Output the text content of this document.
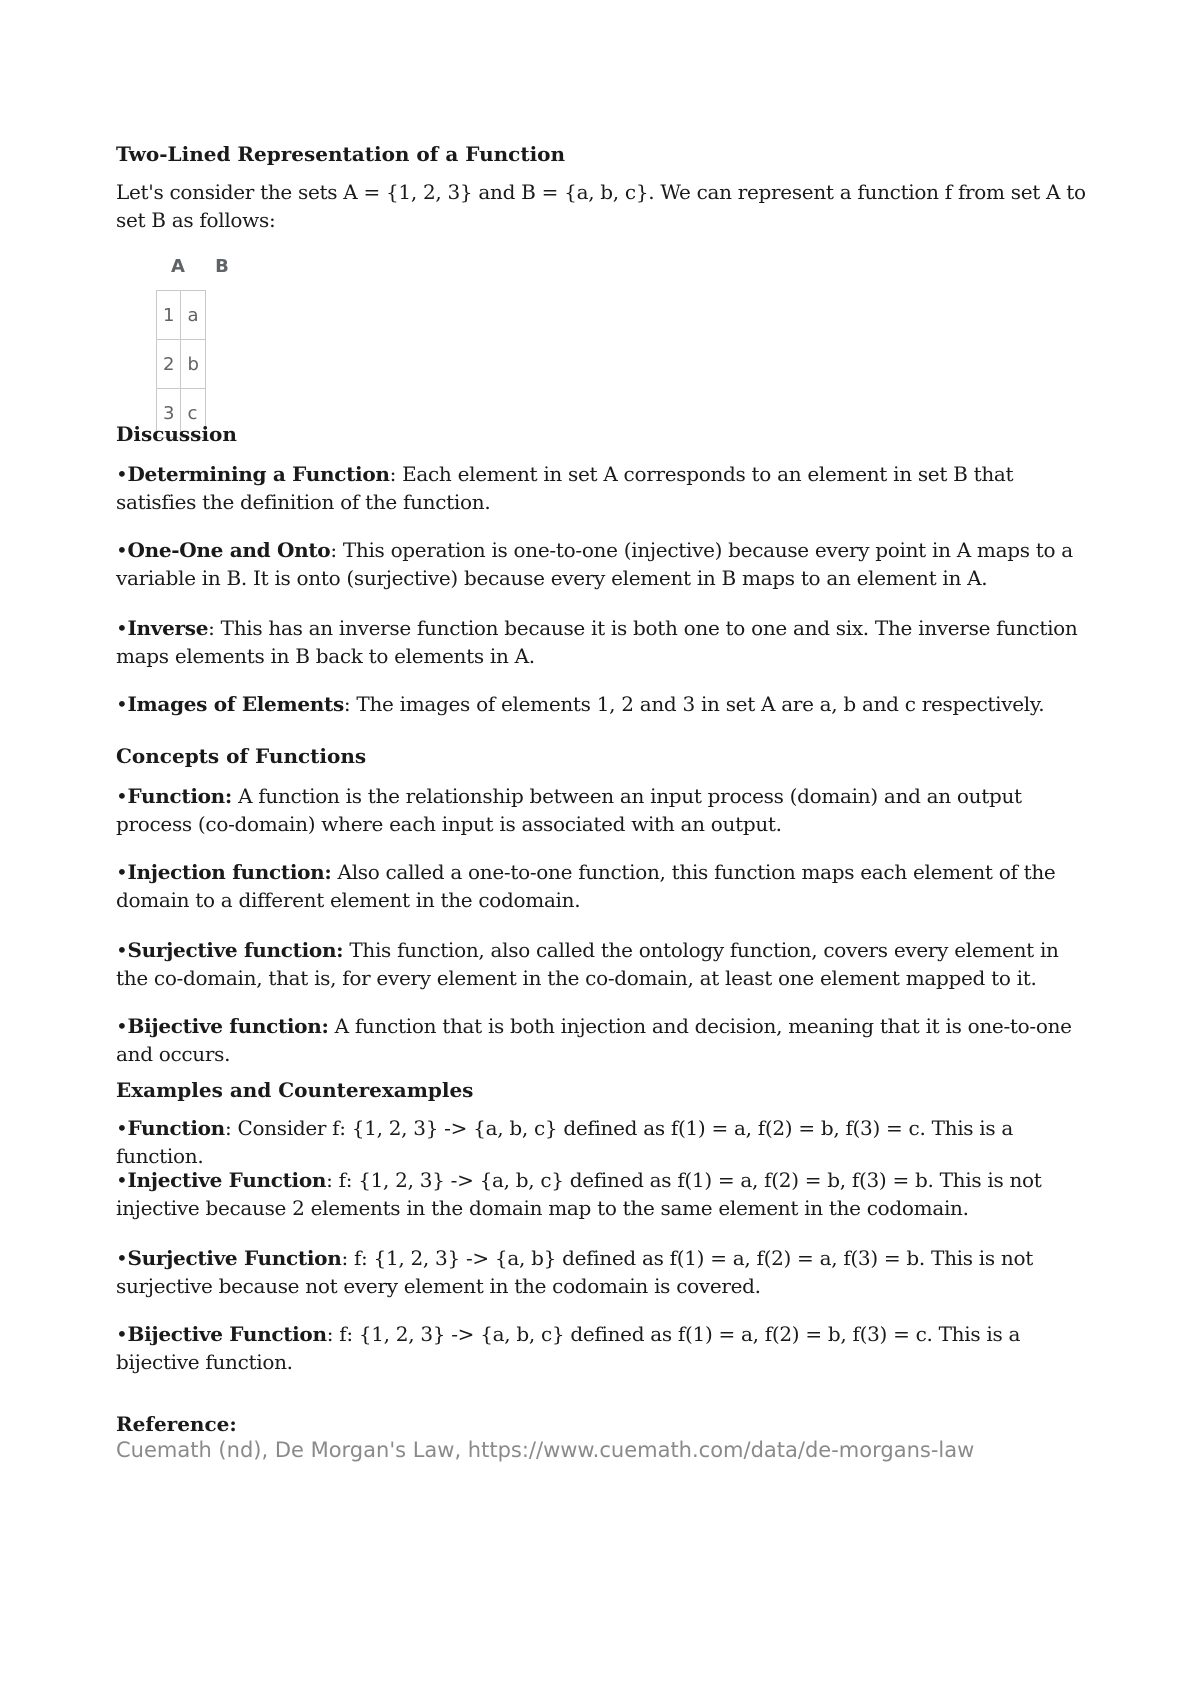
Two-Lined Representation of a Function
Let's consider the sets A = {1, 2, 3} and B = {a, b, c}. We can represent a function f from set A to set B as follows:
A	B
1	a
2	b
3	c
Discussion
•Determining a Function: Each element in set A corresponds to an element in set B that satisfies the definition of the function.
•One-One and Onto: This operation is one-to-one (injective) because every point in A maps to a variable in B. It is onto (surjective) because every element in B maps to an element in A.
•Inverse: This has an inverse function because it is both one to one and six. The inverse function maps elements in B back to elements in A.
•Images of Elements: The images of elements 1, 2 and 3 in set A are a, b and c respectively.
Concepts of Functions
•Function: A function is the relationship between an input process (domain) and an output process (co-domain) where each input is associated with an output.
•Injection function: Also called a one-to-one function, this function maps each element of the domain to a different element in the codomain.
•Surjective function: This function, also called the ontology function, covers every element in the co-domain, that is, for every element in the co-domain, at least one element mapped to it.
•Bijective function: A function that is both injection and decision, meaning that it is one-to-one and occurs.
Examples and Counterexamples
•Function: Consider f: {1, 2, 3} -> {a, b, c} defined as f(1) = a, f(2) = b, f(3) = c. This is a function.
•Injective Function: f: {1, 2, 3} -> {a, b, c} defined as f(1) = a, f(2) = b, f(3) = b. This is not injective because 2 elements in the domain map to the same element in the codomain.
•Surjective Function: f: {1, 2, 3} -> {a, b} defined as f(1) = a, f(2) = a, f(3) = b. This is not surjective because not every element in the codomain is covered.
•Bijective Function: f: {1, 2, 3} -> {a, b, c} defined as f(1) = a, f(2) = b, f(3) = c. This is a bijective function.
Reference:
Cuemath (nd), De Morgan's Law, https://www.cuemath.com/data/de-morgans-law
